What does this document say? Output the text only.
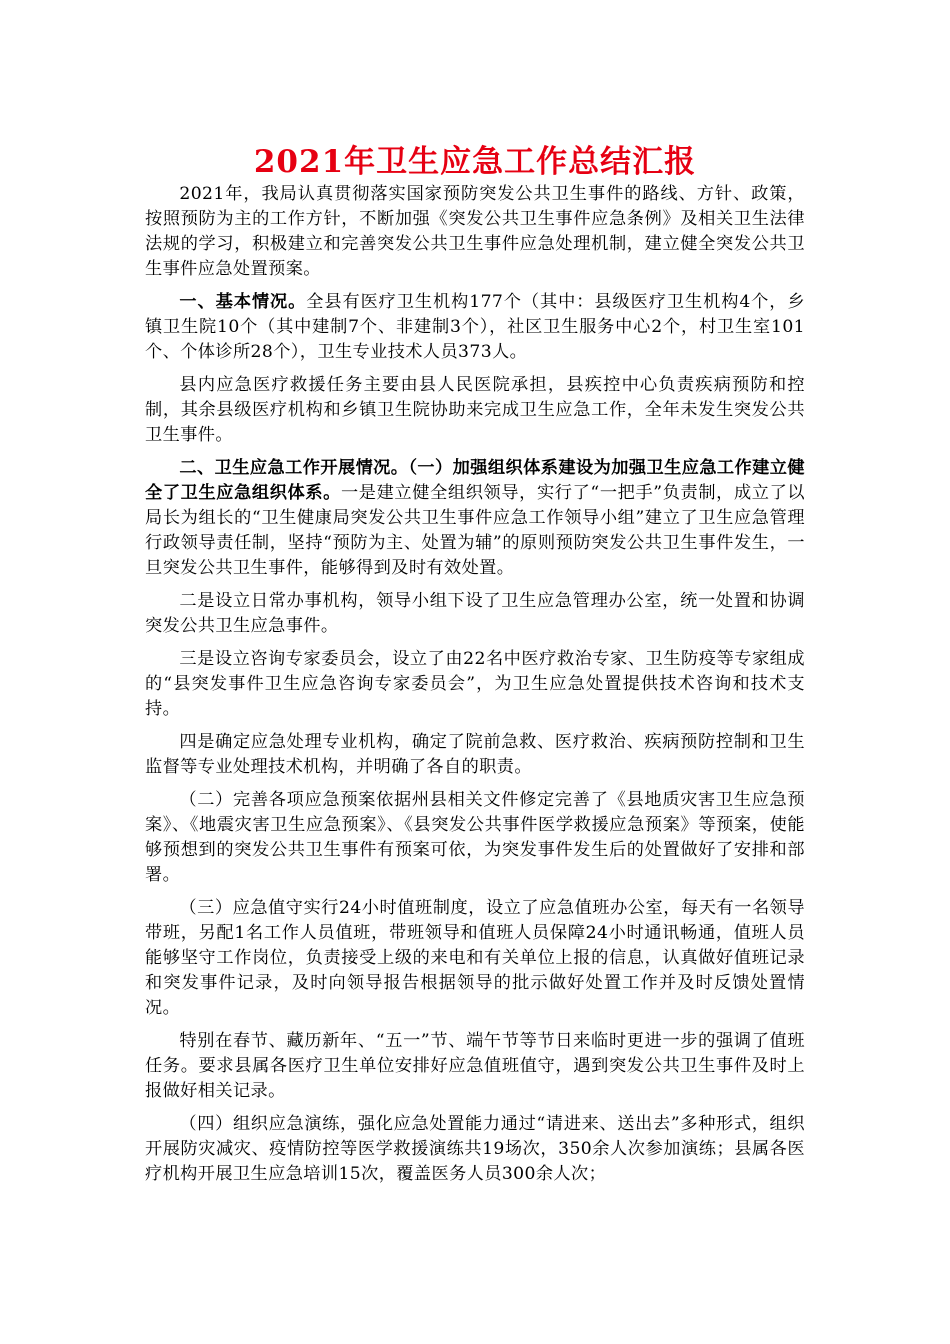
2021年卫生应急工作总结汇报

2021年，我局认真贯彻落实国家预防突发公共卫生事件的路线、方针、政策，按照预防为主的工作方针，不断加强《突发公共卫生事件应急条例》及相关卫生法律法规的学习，积极建立和完善突发公共卫生事件应急处理机制，建立健全突发公共卫生事件应急处置预案。

一、基本情况。全县有医疗卫生机构177个（其中：县级医疗卫生机构4个，乡镇卫生院10个（其中建制7个、非建制3个），社区卫生服务中心2个，村卫生室101个、个体诊所28个），卫生专业技术人员373人。

县内应急医疗救援任务主要由县人民医院承担，县疾控中心负责疾病预防和控制，其余县级医疗机构和乡镇卫生院协助来完成卫生应急工作，全年未发生突发公共卫生事件。

二、卫生应急工作开展情况。（一）加强组织体系建设为加强卫生应急工作建立健全了卫生应急组织体系。一是建立健全组织领导，实行了“一把手”负责制，成立了以局长为组长的“卫生健康局突发公共卫生事件应急工作领导小组”建立了卫生应急管理行政领导责任制，坚持“预防为主、处置为辅”的原则预防突发公共卫生事件发生，一旦突发公共卫生事件，能够得到及时有效处置。

二是设立日常办事机构，领导小组下设了卫生应急管理办公室，统一处置和协调突发公共卫生应急事件。

三是设立咨询专家委员会，设立了由22名中医疗救治专家、卫生防疫等专家组成的“县突发事件卫生应急咨询专家委员会”，为卫生应急处置提供技术咨询和技术支持。

四是确定应急处理专业机构，确定了院前急救、医疗救治、疾病预防控制和卫生监督等专业处理技术机构，并明确了各自的职责。

（二）完善各项应急预案依据州县相关文件修定完善了《县地质灾害卫生应急预案》、《地震灾害卫生应急预案》、《县突发公共事件医学救援应急预案》等预案，使能够预想到的突发公共卫生事件有预案可依，为突发事件发生后的处置做好了安排和部署。

（三）应急值守实行24小时值班制度，设立了应急值班办公室，每天有一名领导带班，另配1名工作人员值班，带班领导和值班人员保障24小时通讯畅通，值班人员能够坚守工作岗位，负责接受上级的来电和有关单位上报的信息，认真做好值班记录和突发事件记录，及时向领导报告根据领导的批示做好处置工作并及时反馈处置情况。

特别在春节、藏历新年、“五一”节、端午节等节日来临时更进一步的强调了值班任务。要求县属各医疗卫生单位安排好应急值班值守，遇到突发公共卫生事件及时上报做好相关记录。

（四）组织应急演练，强化应急处置能力通过“请进来、送出去”多种形式，组织开展防灾减灾、疫情防控等医学救援演练共19场次，350余人次参加演练；县属各医疗机构开展卫生应急培训15次，覆盖医务人员300余人次；
